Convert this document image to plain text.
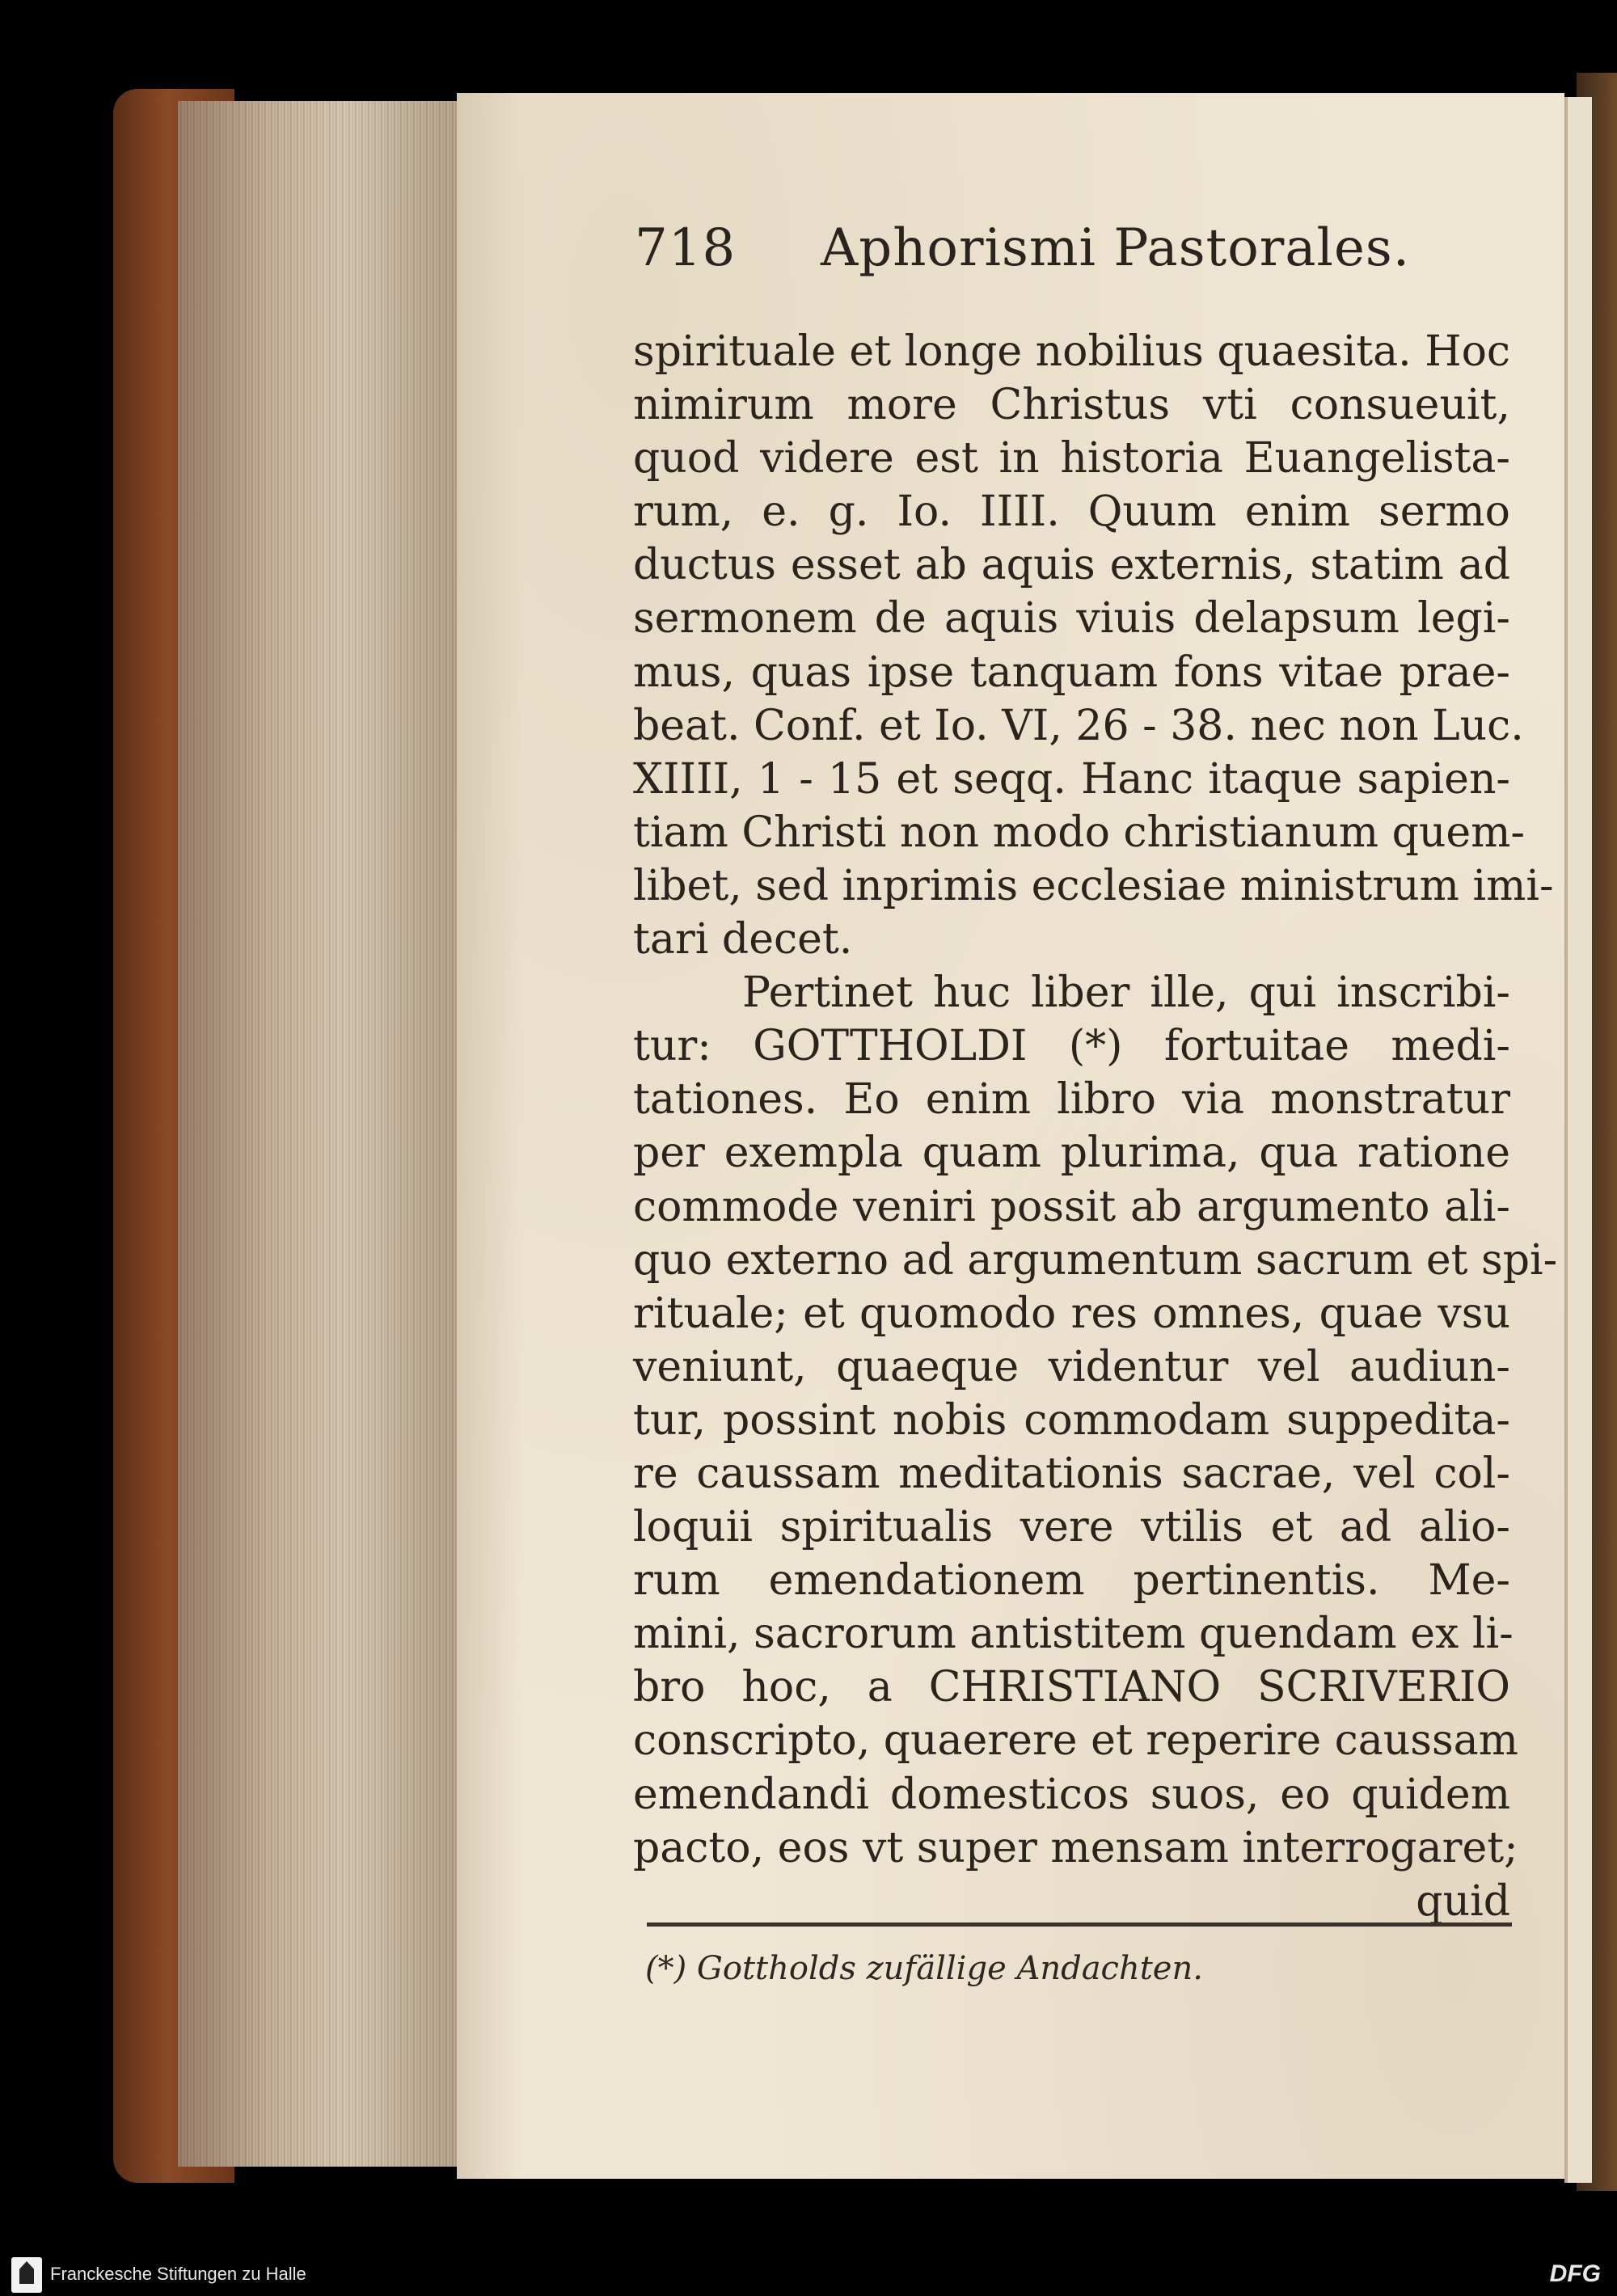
718 Aphorismi Pastorales.
spirituale et longe nobilius quaesita. Hoc
nimirum more Christus vti consueuit,
quod videre est in historia Euangelista-
rum, e. g. Io. IIII. Quum enim sermo
ductus esset ab aquis externis, statim ad
sermonem de aquis viuis delapsum legi-
mus, quas ipse tanquam fons vitae prae-
beat. Conf. et Io. VI, 26 - 38. nec non Luc.
XIIII, 1 - 15 et seqq. Hanc itaque sapien-
tiam Christi non modo christianum quem-
libet, sed inprimis ecclesiae ministrum imi-
tari decet.
Pertinet huc liber ille, qui inscribi-
tur: GOTTHOLDI (*) fortuitae medi-
tationes. Eo enim libro via monstratur
per exempla quam plurima, qua ratione
commode veniri possit ab argumento ali-
quo externo ad argumentum sacrum et spi-
rituale; et quomodo res omnes, quae vsu
veniunt, quaeque videntur vel audiun-
tur, possint nobis commodam suppedita-
re caussam meditationis sacrae, vel col-
loquii spiritualis vere vtilis et ad alio-
rum emendationem pertinentis. Me-
mini, sacrorum antistitem quendam ex li-
bro hoc, a CHRISTIANO SCRIVERIO
conscripto, quaerere et reperire caussam
emendandi domesticos suos, eo quidem
pacto, eos vt super mensam interrogaret;
quid
(*) Gottholds zufällige Andachten.
Franckesche Stiftungen zu Halle	DFG
